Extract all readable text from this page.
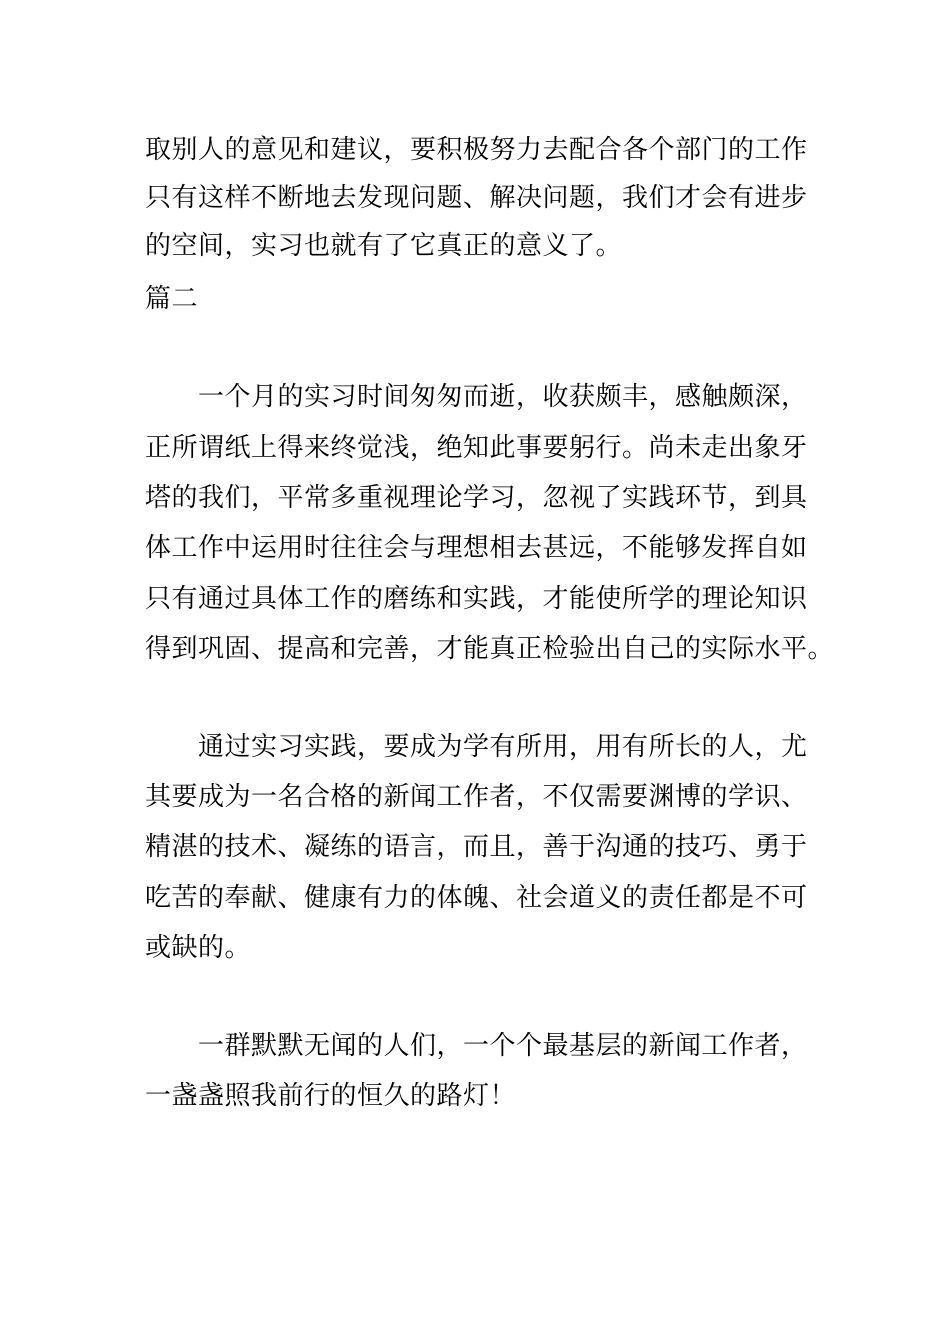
取别人的意见和建议，要积极努力去配合各个部门的工作
只有这样不断地去发现问题、解决问题，我们才会有进步
的空间，实习也就有了它真正的意义了。
篇二
一个月的实习时间匆匆而逝，收获颇丰，感触颇深，
正所谓纸上得来终觉浅，绝知此事要躬行。尚未走出象牙
塔的我们，平常多重视理论学习，忽视了实践环节，到具
体工作中运用时往往会与理想相去甚远，不能够发挥自如
只有通过具体工作的磨练和实践，才能使所学的理论知识
得到巩固、提高和完善，才能真正检验出自己的实际水平。
通过实习实践，要成为学有所用，用有所长的人，尤
其要成为一名合格的新闻工作者，不仅需要渊博的学识、
精湛的技术、凝练的语言，而且，善于沟通的技巧、勇于
吃苦的奉献、健康有力的体魄、社会道义的责任都是不可
或缺的。
一群默默无闻的人们，一个个最基层的新闻工作者，
一盏盏照我前行的恒久的路灯！
